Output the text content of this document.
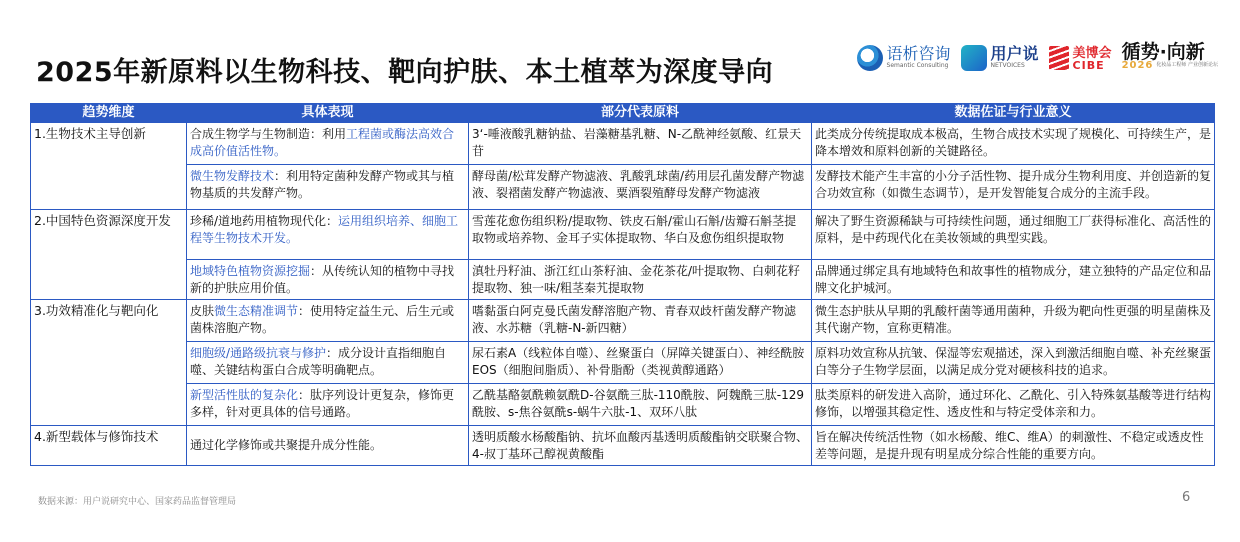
2025年新原料以生物科技、靶向护肤、本土植萃为深度导向
语析咨询
Semantic Consulting
用户说
NETVOICES
美博会
CIBE
循势·向新
2026 化妆品工程师 产业创新论坛
趋势维度	具体表现	部分代表原料	数据佐证与行业意义
1.生物技术主导创新	合成生物学与生物制造：利用工程菌或酶法高效合成高价值活性物。	3‘-唾液酸乳糖钠盐、岩藻糖基乳糖、N-乙酰神经氨酸、红景天苷	此类成分传统提取成本极高，生物合成技术实现了规模化、可持续生产，是降本增效和原料创新的关键路径。
	微生物发酵技术：利用特定菌种发酵产物或其与植物基质的共发酵产物。	酵母菌/松茸发酵产物滤液、乳酸乳球菌/药用层孔菌发酵产物滤液、裂褶菌发酵产物滤液、粟酒裂殖酵母发酵产物滤液	发酵技术能产生丰富的小分子活性物、提升成分生物利用度、并创造新的复合功效宣称（如微生态调节），是开发智能复合成分的主流手段。
2.中国特色资源深度开发	珍稀/道地药用植物现代化：运用组织培养、细胞工程等生物技术开发。	雪莲花愈伤组织粉/提取物、铁皮石斛/霍山石斛/齿瓣石斛茎提取物或培养物、金耳子实体提取物、华白及愈伤组织提取物	解决了野生资源稀缺与可持续性问题，通过细胞工厂获得标准化、高活性的原料，是中药现代化在美妆领域的典型实践。
	地域特色植物资源挖掘：从传统认知的植物中寻找新的护肤应用价值。	滇牡丹籽油、浙江红山茶籽油、金花茶花/叶提取物、白刺花籽提取物、独一味/粗茎秦艽提取物	品牌通过绑定具有地域特色和故事性的植物成分，建立独特的产品定位和品牌文化护城河。
3.功效精准化与靶向化	皮肤微生态精准调节：使用特定益生元、后生元或菌株溶胞产物。	嗜黏蛋白阿克曼氏菌发酵溶胞产物、青春双歧杆菌发酵产物滤液、水苏糖（乳糖-N-新四糖）	微生态护肤从早期的乳酸杆菌等通用菌种，升级为靶向性更强的明星菌株及其代谢产物，宣称更精准。
	细胞级/通路级抗衰与修护：成分设计直指细胞自噬、关键结构蛋白合成等明确靶点。	尿石素A（线粒体自噬）、丝聚蛋白（屏障关键蛋白）、神经酰胺EOS（细胞间脂质）、补骨脂酚（类视黄醇通路）	原料功效宣称从抗皱、保湿等宏观描述，深入到激活细胞自噬、补充丝聚蛋白等分子生物学层面，以满足成分党对硬核科技的追求。
	新型活性肽的复杂化：肽序列设计更复杂，修饰更多样，针对更具体的信号通路。	乙酰基酪氨酰赖氨酰D-谷氨酰三肽-110酰胺、阿魏酰三肽-129酰胺、s-焦谷氨酰s-蜗牛六肽-1、双环八肽	肽类原料的研发进入高阶，通过环化、乙酰化、引入特殊氨基酸等进行结构修饰，以增强其稳定性、透皮性和与特定受体亲和力。
4.新型载体与修饰技术	通过化学修饰或共聚提升成分性能。	透明质酸水杨酸酯钠、抗坏血酸丙基透明质酸酯钠交联聚合物、4-叔丁基环己醇视黄酸酯	旨在解决传统活性物（如水杨酸、维C、维A）的刺激性、不稳定或透皮性差等问题，是提升现有明星成分综合性能的重要方向。
数据来源：用户说研究中心、国家药品监督管理局	6
